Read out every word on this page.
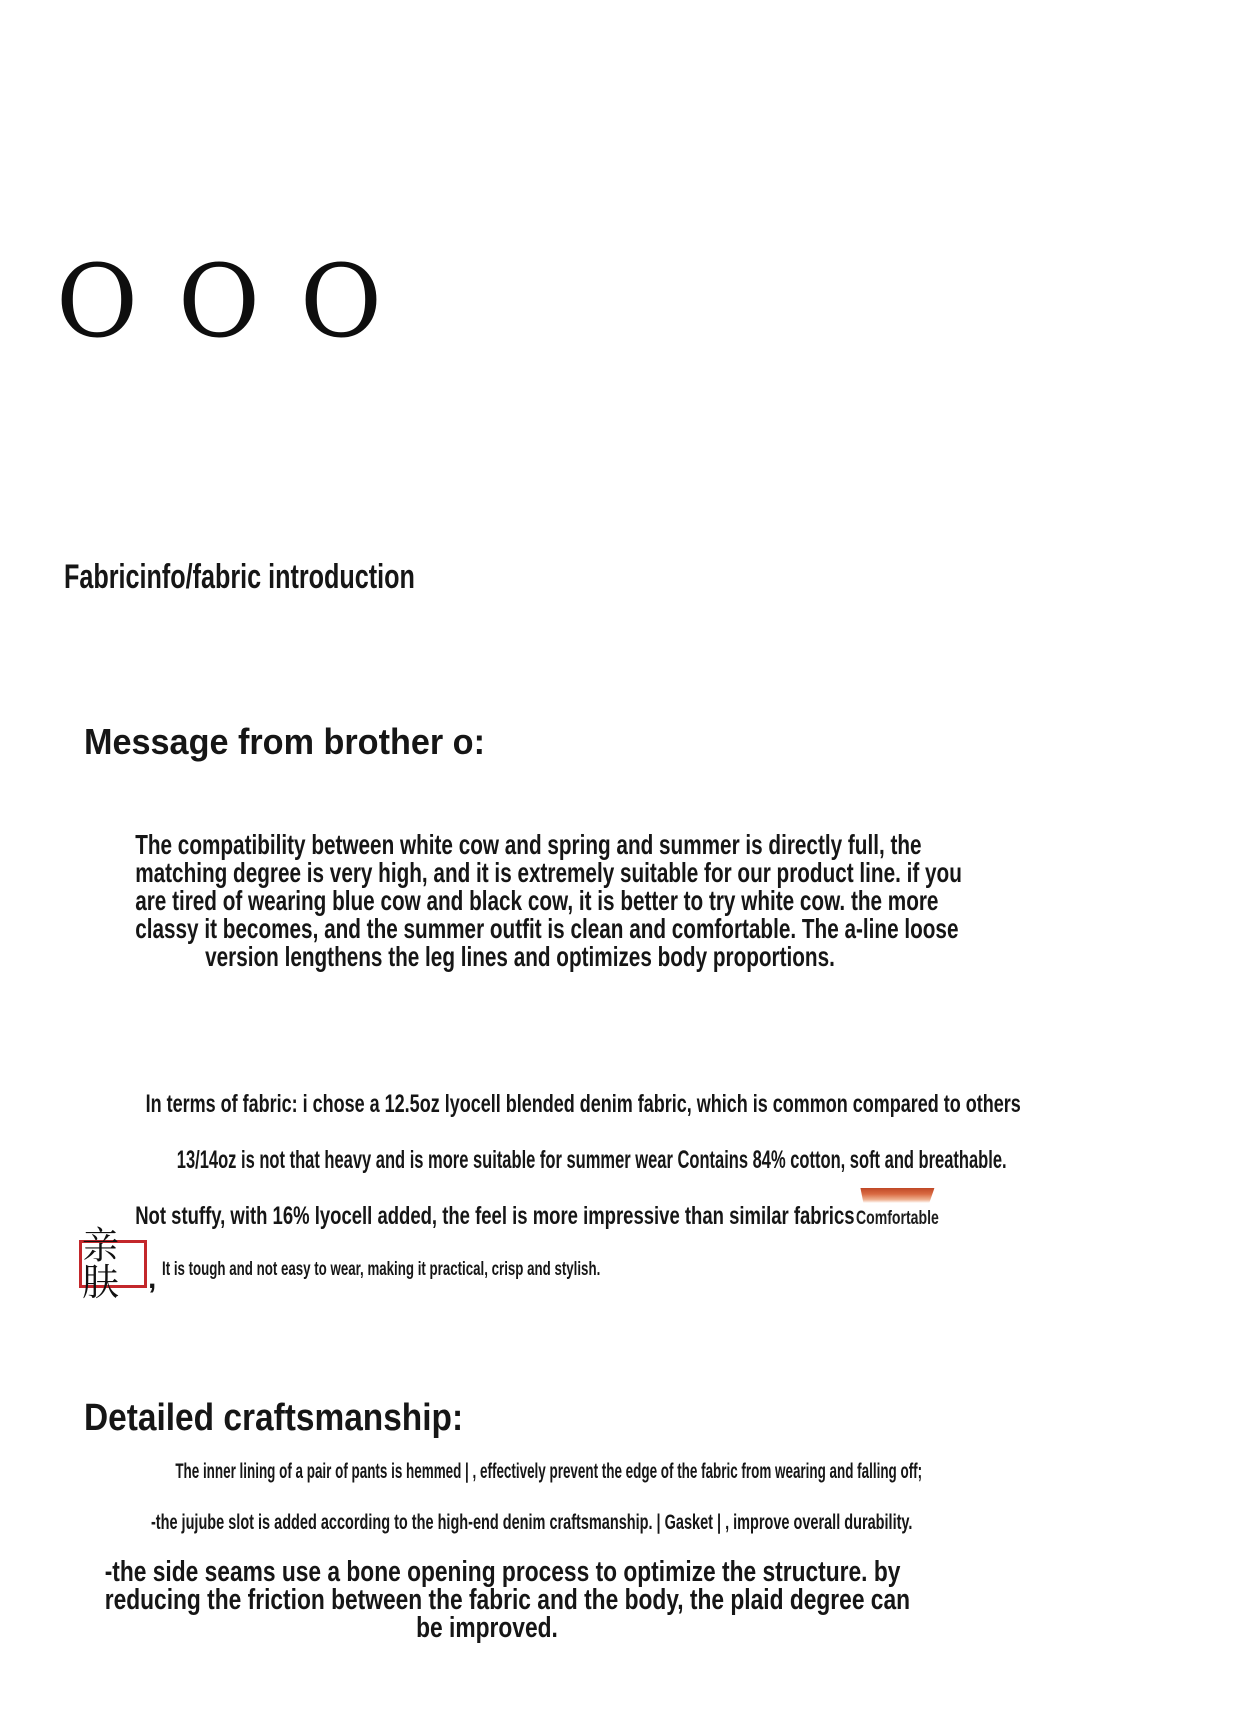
O O O
Fabricinfo/fabric introduction
Message from brother o:
The compatibility between white cow and spring and summer is directly full, the
matching degree is very high, and it is extremely suitable for our product line. if you
are tired of wearing blue cow and black cow, it is better to try white cow. the more
classy it becomes, and the summer outfit is clean and comfortable. The a-line loose
version lengthens the leg lines and optimizes body proportions.
In terms of fabric: i chose a 12.5oz lyocell blended denim fabric, which is common compared to others
13/14oz is not that heavy and is more suitable for summer wear Contains 84% cotton, soft and breathable.
Not stuffy, with 16% lyocell added, the feel is more impressive than similar fabrics
Comfortable
亲肤 , It is tough and not easy to wear, making it practical, crisp and stylish.
Detailed craftsmanship:
The inner lining of a pair of pants is hemmed | , effectively prevent the edge of the fabric from wearing and falling off;
-the jujube slot is added according to the high-end denim craftsmanship. | Gasket | , improve overall durability.
-the side seams use a bone opening process to optimize the structure. by
reducing the friction between the fabric and the body, the plaid degree can
be improved.
